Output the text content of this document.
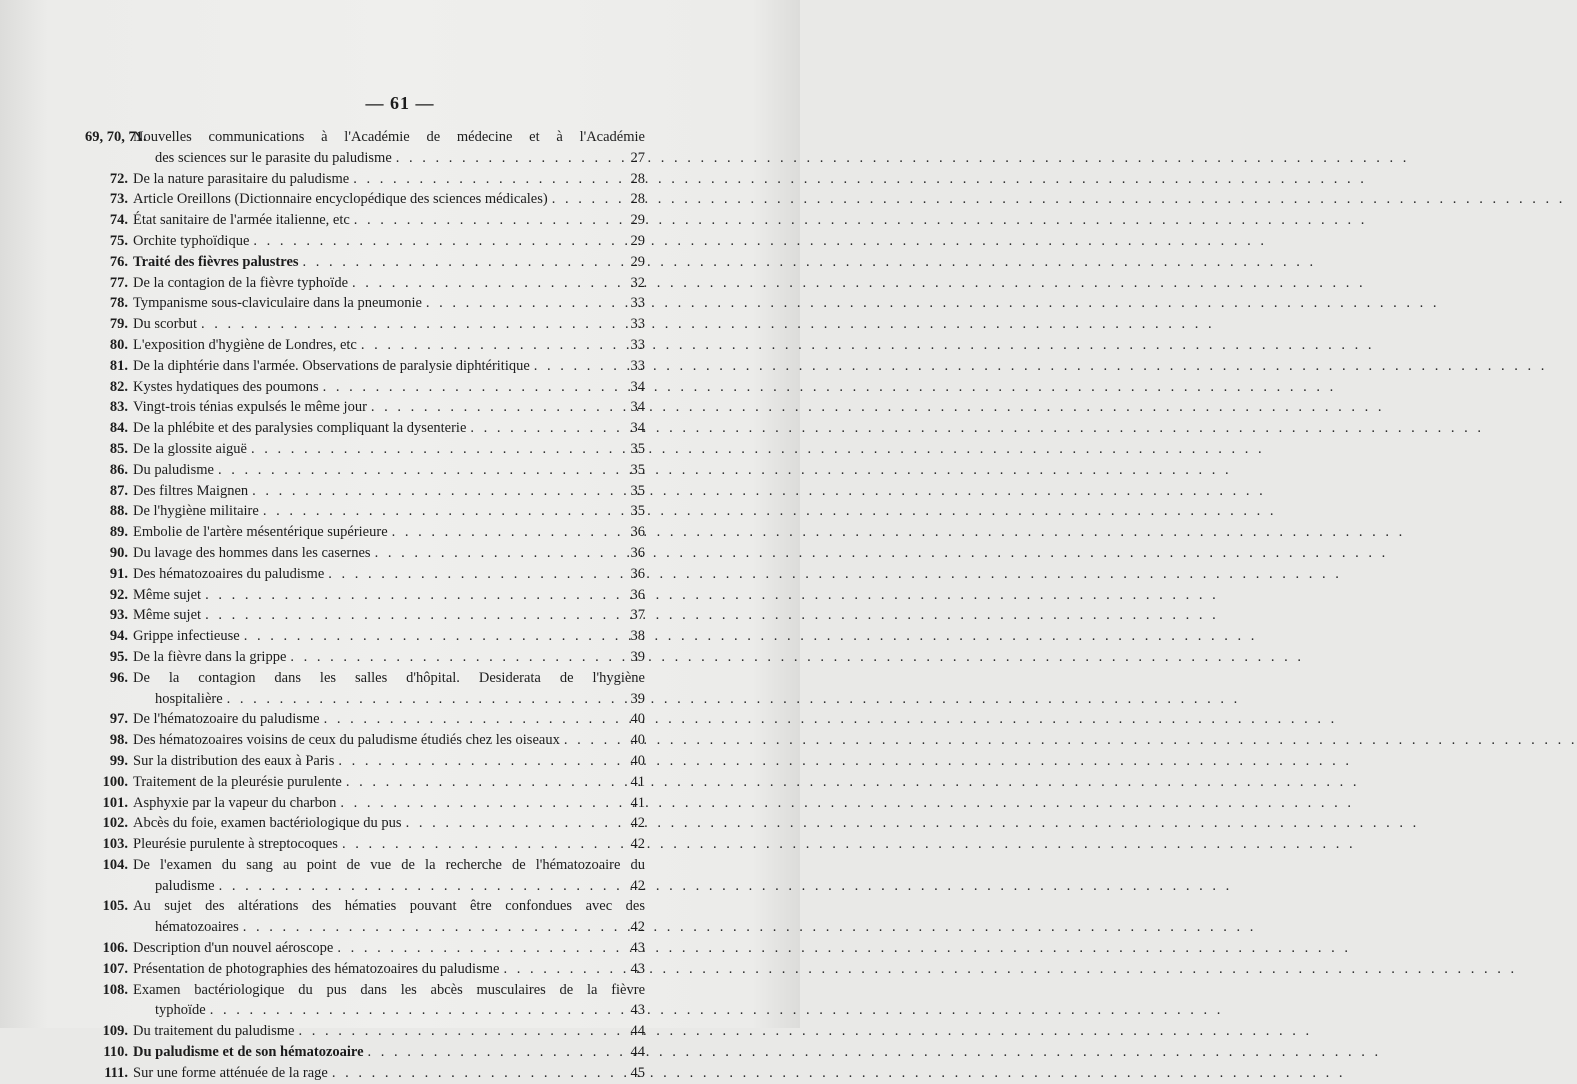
— 61 —
69, 70, 71.
Nouvelles communications à l'Académie de médecine et à l'Académie
des sciences sur le parasite du paludisme . . .	27
72. De la nature parasitaire du paludisme . . .	28
73. Article Oreillons (Dictionnaire encyclopédique des sciences médicales) . . .	28
74. État sanitaire de l'armée italienne, etc . . .	29
75. Orchite typhoïdique . . .	29
76. Traité des fièvres palustres . . .	29
77. De la contagion de la fièvre typhoïde . . .	32
78. Tympanisme sous-claviculaire dans la pneumonie . . .	33
79. Du scorbut . . .	33
80. L'exposition d'hygiène de Londres, etc . . .	33
81. De la diphtérie dans l'armée. Observations de paralysie diphtéritique . . .	33
82. Kystes hydatiques des poumons . . .	34
83. Vingt-trois ténias expulsés le même jour . . .	34
84. De la phlébite et des paralysies compliquant la dysenterie . . .	34
85. De la glossite aiguë . . .	35
86. Du paludisme . . .	35
87. Des filtres Maignen . . .	35
88. De l'hygiène militaire . . .	35
89. Embolie de l'artère mésentérique supérieure . . .	36
90. Du lavage des hommes dans les casernes . . .	36
91. Des hématozoaires du paludisme . . .	36
92. Même sujet . . .	36
93. Même sujet . . .	37
94. Grippe infectieuse . . .	38
95. De la fièvre dans la grippe . . .	39
96. De la contagion dans les salles d'hôpital. Desiderata de l'hygiène
hospitalière . . .	39
97. De l'hématozoaire du paludisme . . .	40
98. Des hématozoaires voisins de ceux du paludisme étudiés chez les oiseaux . . .	40
99. Sur la distribution des eaux à Paris . . .	40
100. Traitement de la pleurésie purulente . . .	41
101. Asphyxie par la vapeur du charbon . . .	41
102. Abcès du foie, examen bactériologique du pus . . .	42
103. Pleurésie purulente à streptocoques . . .	42
104. De l'examen du sang au point de vue de la recherche de l'hématozoaire du
paludisme . . .	42
105. Au sujet des altérations des hématies pouvant être confondues avec des
hématozoaires . . .	42
106. Description d'un nouvel aéroscope . . .	43
107. Présentation de photographies des hématozoaires du paludisme . . .	43
108. Examen bactériologique du pus dans les abcès musculaires de la fièvre
typhoïde . . .	43
109. Du traitement du paludisme . . .	44
110. Du paludisme et de son hématozoaire . . .	44
111. Sur une forme atténuée de la rage . . .	45
